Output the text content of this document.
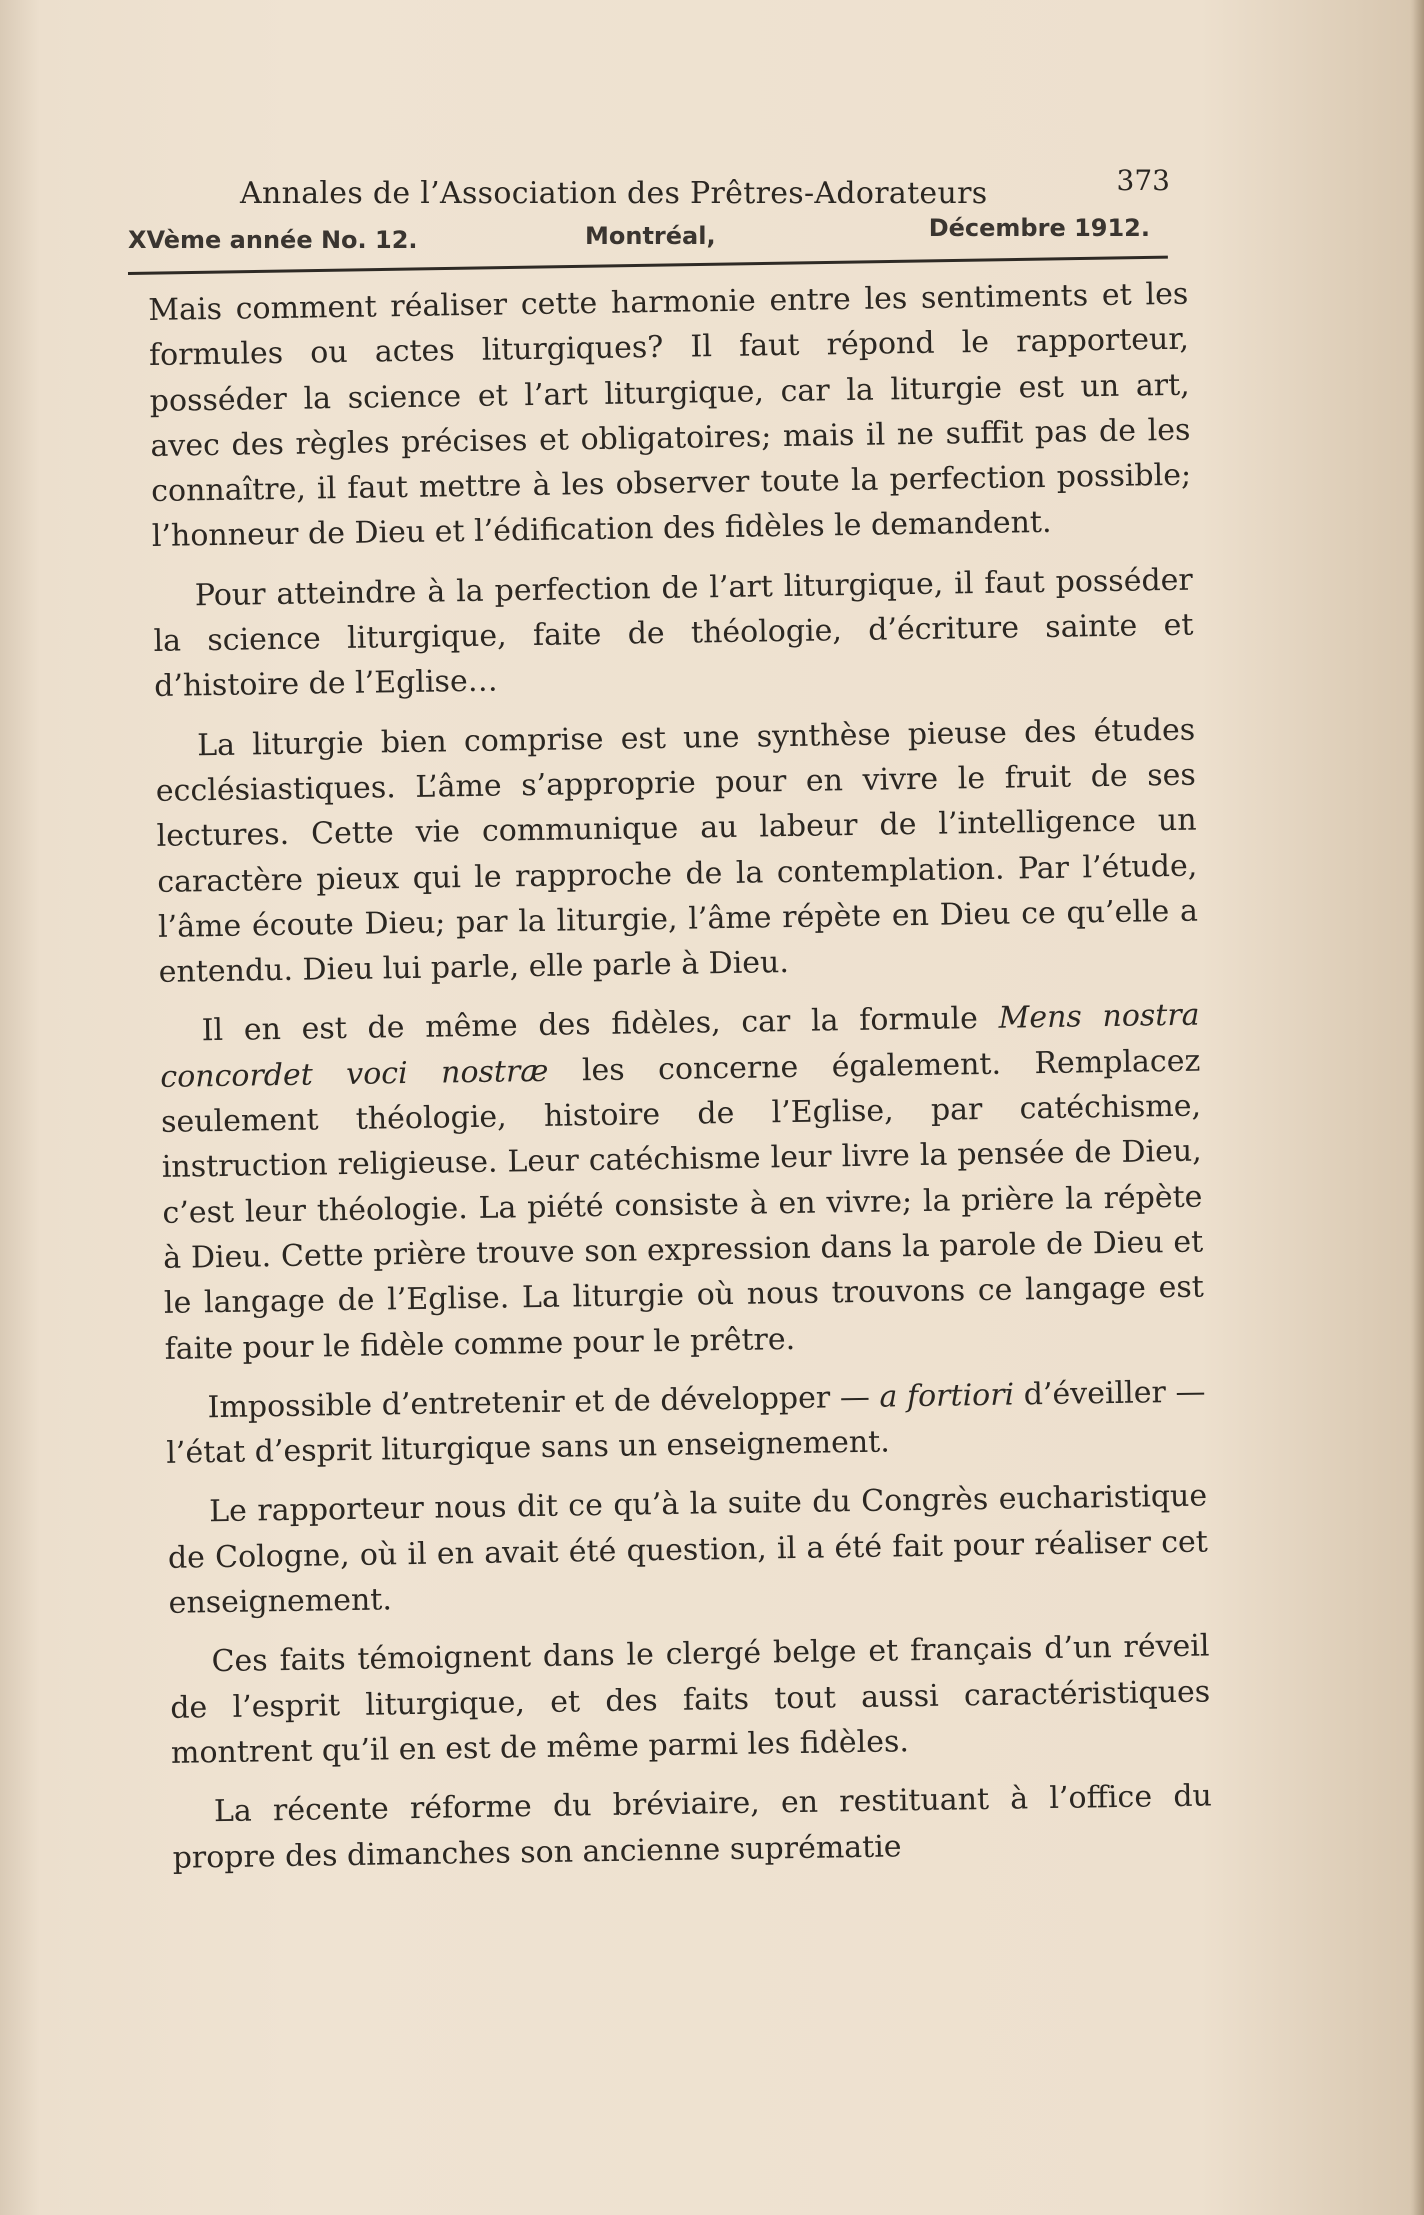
Annales de l’Association des Prêtres-Adorateurs	373
XVème année No. 12.	Montréal,	Décembre 1912.

Mais comment réaliser cette harmonie entre les sentiments et les formules ou actes liturgiques? Il faut répond le rapporteur, posséder la science et l’art liturgique, car la liturgie est un art, avec des règles précises et obligatoires; mais il ne suffit pas de les connaître, il faut mettre à les observer toute la perfection possible; l’honneur de Dieu et l’édification des fidèles le demandent.

Pour atteindre à la perfection de l’art liturgique, il faut posséder la science liturgique, faite de théologie, d’écriture sainte et d’histoire de l’Eglise…

La liturgie bien comprise est une synthèse pieuse des études ecclésiastiques. L’âme s’approprie pour en vivre le fruit de ses lectures. Cette vie communique au labeur de l’intelligence un caractère pieux qui le rapproche de la contemplation. Par l’étude, l’âme écoute Dieu; par la liturgie, l’âme répète en Dieu ce qu’elle a entendu. Dieu lui parle, elle parle à Dieu.

Il en est de même des fidèles, car la formule Mens nostra concordet voci nostræ les concerne également. Remplacez seulement théologie, histoire de l’Eglise, par catéchisme, instruction religieuse. Leur catéchisme leur livre la pensée de Dieu, c’est leur théologie. La piété consiste à en vivre; la prière la répète à Dieu. Cette prière trouve son expression dans la parole de Dieu et le langage de l’Eglise. La liturgie où nous trouvons ce langage est faite pour le fidèle comme pour le prêtre.

Impossible d’entretenir et de développer — a fortiori d’éveiller — l’état d’esprit liturgique sans un enseignement.

Le rapporteur nous dit ce qu’à la suite du Congrès eucharistique de Cologne, où il en avait été question, il a été fait pour réaliser cet enseignement.

Ces faits témoignent dans le clergé belge et français d’un réveil de l’esprit liturgique, et des faits tout aussi caractéristiques montrent qu’il en est de même parmi les fidèles.

La récente réforme du bréviaire, en restituant à l’office du propre des dimanches son ancienne suprématie
